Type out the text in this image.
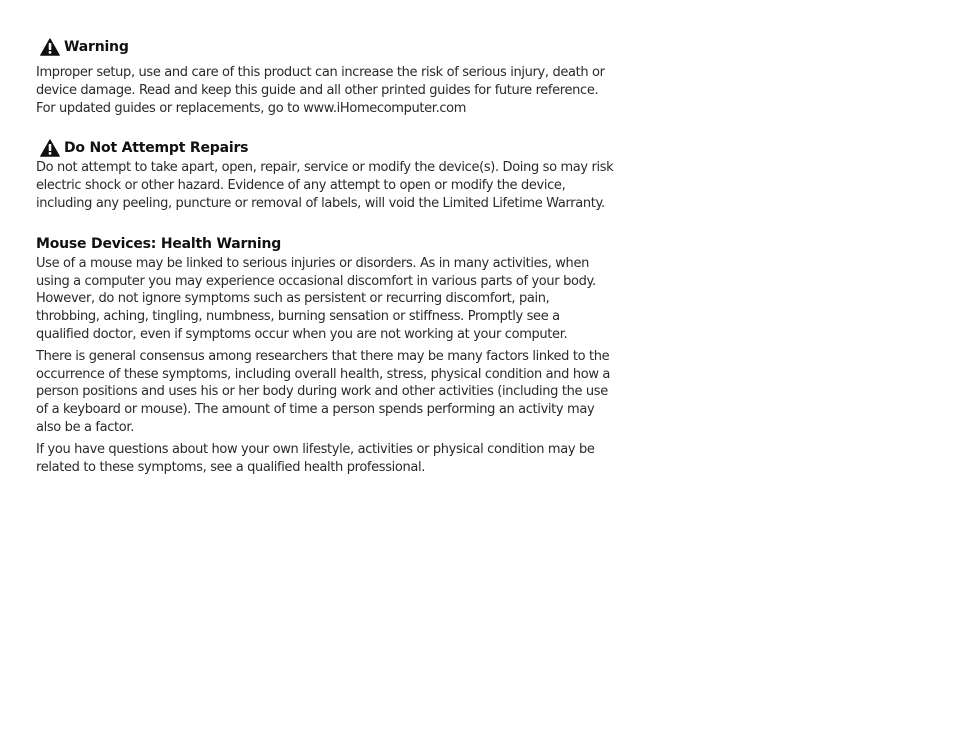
Warning

Improper setup, use and care of this product can increase the risk of serious injury, death or device damage. Read and keep this guide and all other printed guides for future reference. For updated guides or replacements, go to www.iHomecomputer.com

Do Not Attempt Repairs

Do not attempt to take apart, open, repair, service or modify the device(s). Doing so may risk electric shock or other hazard. Evidence of any attempt to open or modify the device, including any peeling, puncture or removal of labels, will void the Limited Lifetime Warranty.

Mouse Devices: Health Warning

Use of a mouse may be linked to serious injuries or disorders. As in many activities, when using a computer you may experience occasional discomfort in various parts of your body. However, do not ignore symptoms such as persistent or recurring discomfort, pain, throbbing, aching, tingling, numbness, burning sensation or stiffness. Promptly see a qualified doctor, even if symptoms occur when you are not working at your computer.

There is general consensus among researchers that there may be many factors linked to the occurrence of these symptoms, including overall health, stress, physical condition and how a person positions and uses his or her body during work and other activities (including the use of a keyboard or mouse). The amount of time a person spends performing an activity may also be a factor.

If you have questions about how your own lifestyle, activities or physical condition may be related to these symptoms, see a qualified health professional.
